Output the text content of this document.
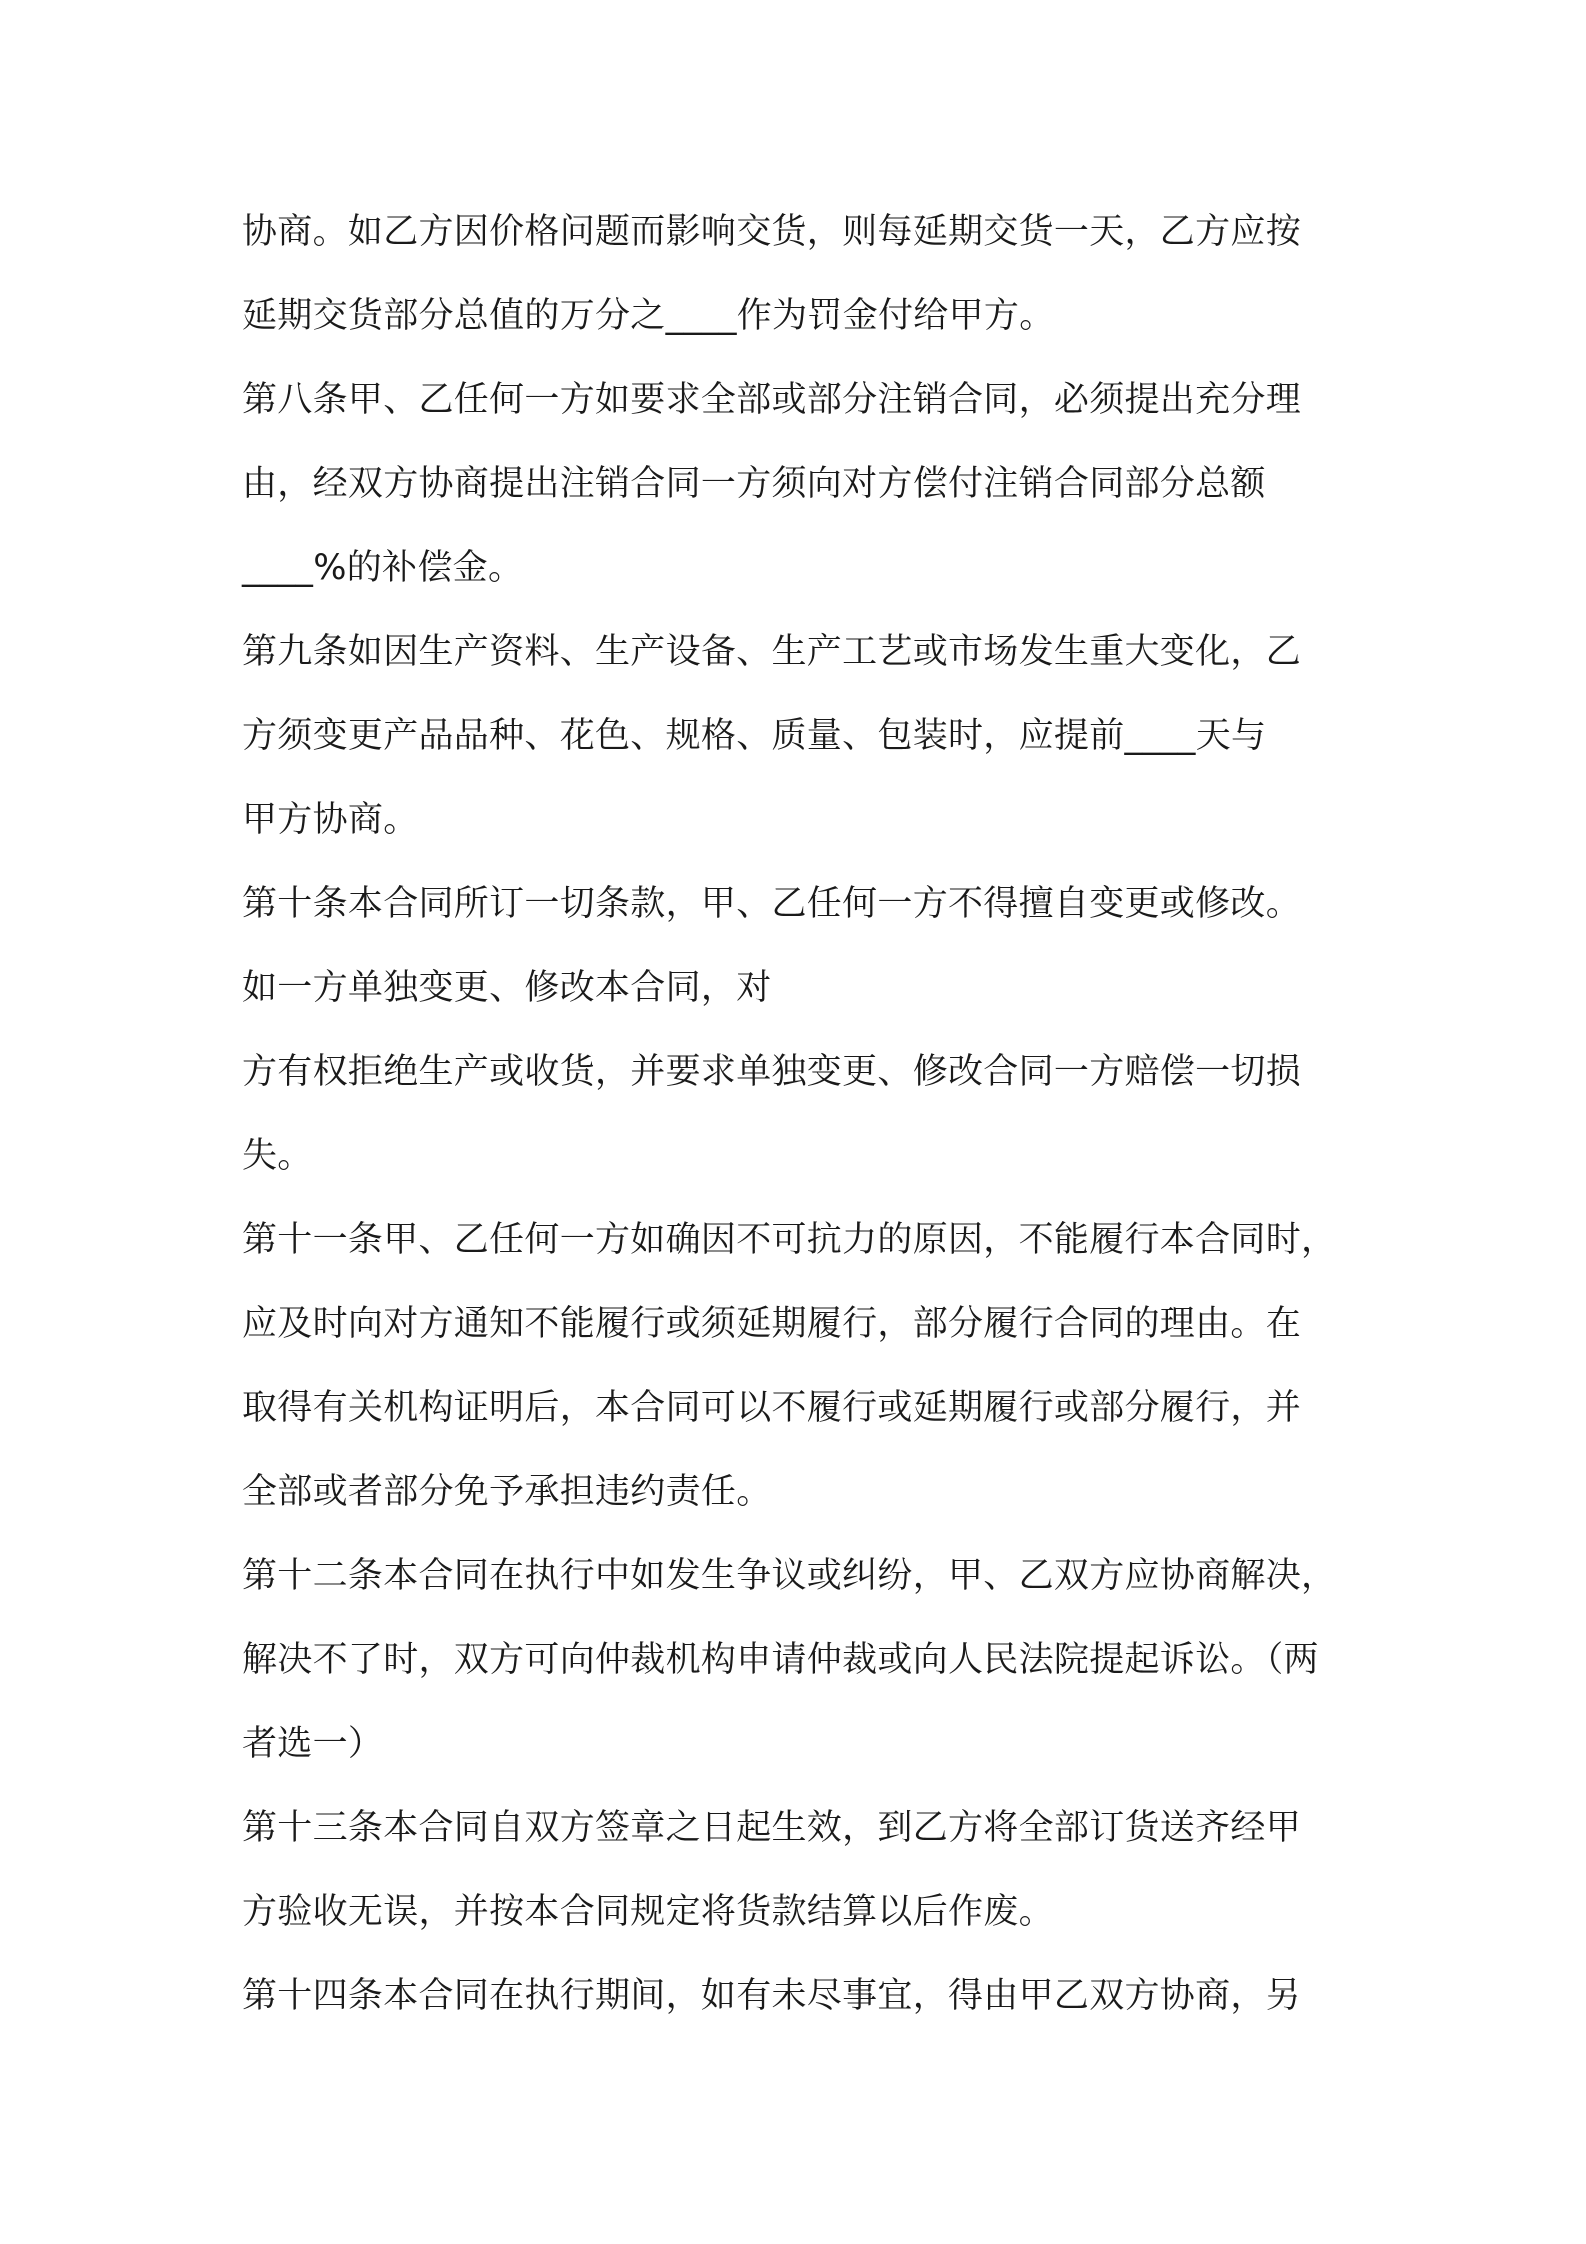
协商。如乙方因价格问题而影响交货，则每延期交货一天，乙方应按
延期交货部分总值的万分之____作为罚金付给甲方。
第八条甲、乙任何一方如要求全部或部分注销合同，必须提出充分理
由，经双方协商提出注销合同一方须向对方偿付注销合同部分总额
____%的补偿金。
第九条如因生产资料、生产设备、生产工艺或市场发生重大变化，乙
方须变更产品品种、花色、规格、质量、包装时，应提前____天与
甲方协商。
第十条本合同所订一切条款，甲、乙任何一方不得擅自变更或修改。
如一方单独变更、修改本合同，对
方有权拒绝生产或收货，并要求单独变更、修改合同一方赔偿一切损
失。
第十一条甲、乙任何一方如确因不可抗力的原因，不能履行本合同时，
应及时向对方通知不能履行或须延期履行，部分履行合同的理由。在
取得有关机构证明后，本合同可以不履行或延期履行或部分履行，并
全部或者部分免予承担违约责任。
第十二条本合同在执行中如发生争议或纠纷，甲、乙双方应协商解决，
解决不了时，双方可向仲裁机构申请仲裁或向人民法院提起诉讼。（两
者选一）
第十三条本合同自双方签章之日起生效，到乙方将全部订货送齐经甲
方验收无误，并按本合同规定将货款结算以后作废。
第十四条本合同在执行期间，如有未尽事宜，得由甲乙双方协商，另
